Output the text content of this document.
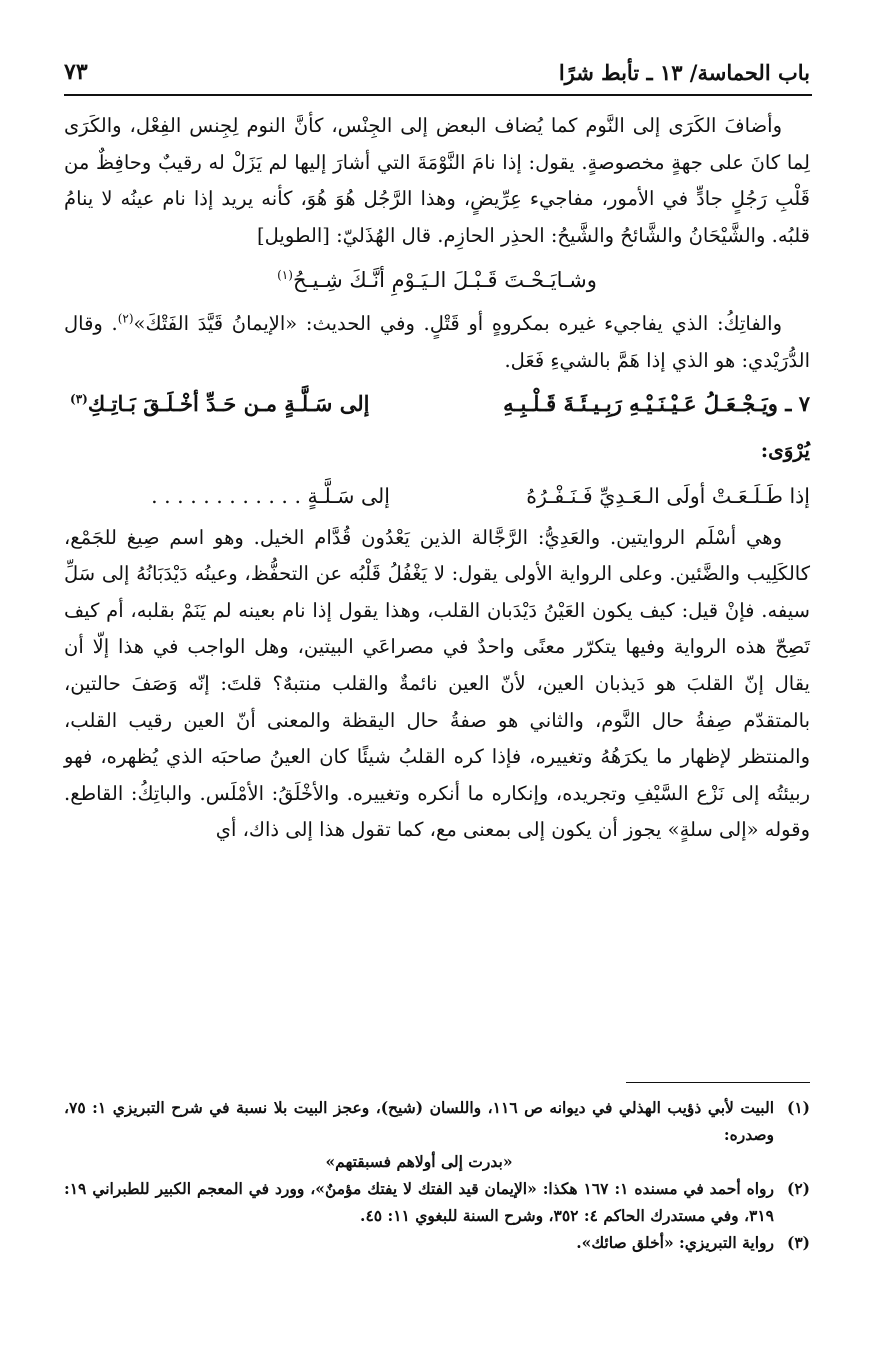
باب الحماسة/ ١٣ ـ تأبط شرًا
٧٣

وأضافَ الكَرَى إلى النَّوم كما يُضاف البعض إلى الجِنْس، كأنَّ النوم لِجِنس الفِعْل، والكَرَى لِما كانَ على جهةٍ مخصوصةٍ. يقول: إذا نامَ النَّوْمَةَ التي أشارَ إليها لم يَزَلْ له رقيبٌ وحافِظٌ من قَلْبِ رَجُلٍ جادٍّ في الأمور، مفاجيء عِرِّيضٍ، وهذا الرَّجُل هُوَ هُوَ، كأنه يريد إذا نام عينُه لا ينامُ قلبُه. والشَّيْحَانُ والشَّائحُ والشَّيحُ: الحذِر الحازِم. قال الهُذَليّ: [الطويل]

وشـايَـحْـتَ قَـبْـلَ الـيَـوْمِ أنَّـكَ شِـيـحُ$^{(١)}$

والفاتِكُ: الذي يفاجيء غيره بمكروهٍ أو قَتْلٍ. وفي الحديث: «الإيمانُ قَيَّدَ الفَتْكَ»$^{(٢)}$. وقال الدُّرَيْدي: هو الذي إذا هَمَّ بالشيءِ فَعَل.

٧ ـ ويَـجْـعَـلُ عَـيْـنَـيْـهِ رَبِـيـئَـةَ قَـلْـبِـهِ
إلى سَـلَّـةٍ مـن حَـدِّ أخْـلَـقَ بَـاتِـكِ$^{(٣)}$

يُرْوَى:

إذا طَـلَـعَـتْ أولَى الـعَـدِيِّ فَـنَـفْـرُهُ
إلى سَـلَّـةٍ . . . . . . . . . . . .

وهي أسْلَم الروايتين. والعَدِيُّ: الرَّجَّالة الذين يَعْدُون قُدَّام الخيل. وهو اسم صِيغ للجَمْع، كالكَلِيب والضَّئين. وعلى الرواية الأولى يقول: لا يَغْفُلُ قَلْبُه عن التحفُّظ، وعينُه دَيْدَبَانُهُ إلى سَلِّ سيفه. فإنْ قيل: كيف يكون العَيْنُ دَيْدَبان القلب، وهذا يقول إذا نام بعينه لم يَنَمْ بقلبه، أم كيف تَصِحّ هذه الرواية وفيها يتكرّر معنًى واحدٌ في مصراعَي البيتين، وهل الواجب في هذا إلّا أن يقال إنّ القلبَ هو دَيذبان العين، لأنّ العين نائمةٌ والقلب منتبهٌ؟ قلتَ: إنّه وَصَفَ حالتين، بالمتقدّم صِفةُ حال النَّوم، والثاني هو صفةُ حال اليقظة والمعنى أنّ العين رقيب القلب، والمنتظر لإظهار ما يكرَهُهُ وتغييره، فإذا كره القلبُ شيئًا كان العينُ صاحبَه الذي يُظهره، فهو ربيئتُه إلى نَزْع السَّيْفِ وتجريده، وإنكاره ما أنكره وتغييره. والأخْلَقُ: الأمْلَس. والباتِكُ: القاطع. وقوله «إلى سلةٍ» يجوز أن يكون إلى بمعنى مع، كما تقول هذا إلى ذاك، أي

(١)
البيت لأبي ذؤيب الهذلي في ديوانه ص ١١٦، واللسان (شيح)، وعجز البيت بلا نسبة في شرح التبريزي ١: ٧٥، وصدره:
«بدرت إلى أولاهم فسبقتهم»
(٢)
رواه أحمد في مسنده ١: ١٦٧ هكذا: «الإيمان قيد الفتك لا يفتك مؤمنٌ»، وورد في المعجم الكبير للطبراني ١٩: ٣١٩، وفي مستدرك الحاكم ٤: ٣٥٢، وشرح السنة للبغوي ١١: ٤٥.
(٣)
رواية التبريزي: «أخلق صائك».
